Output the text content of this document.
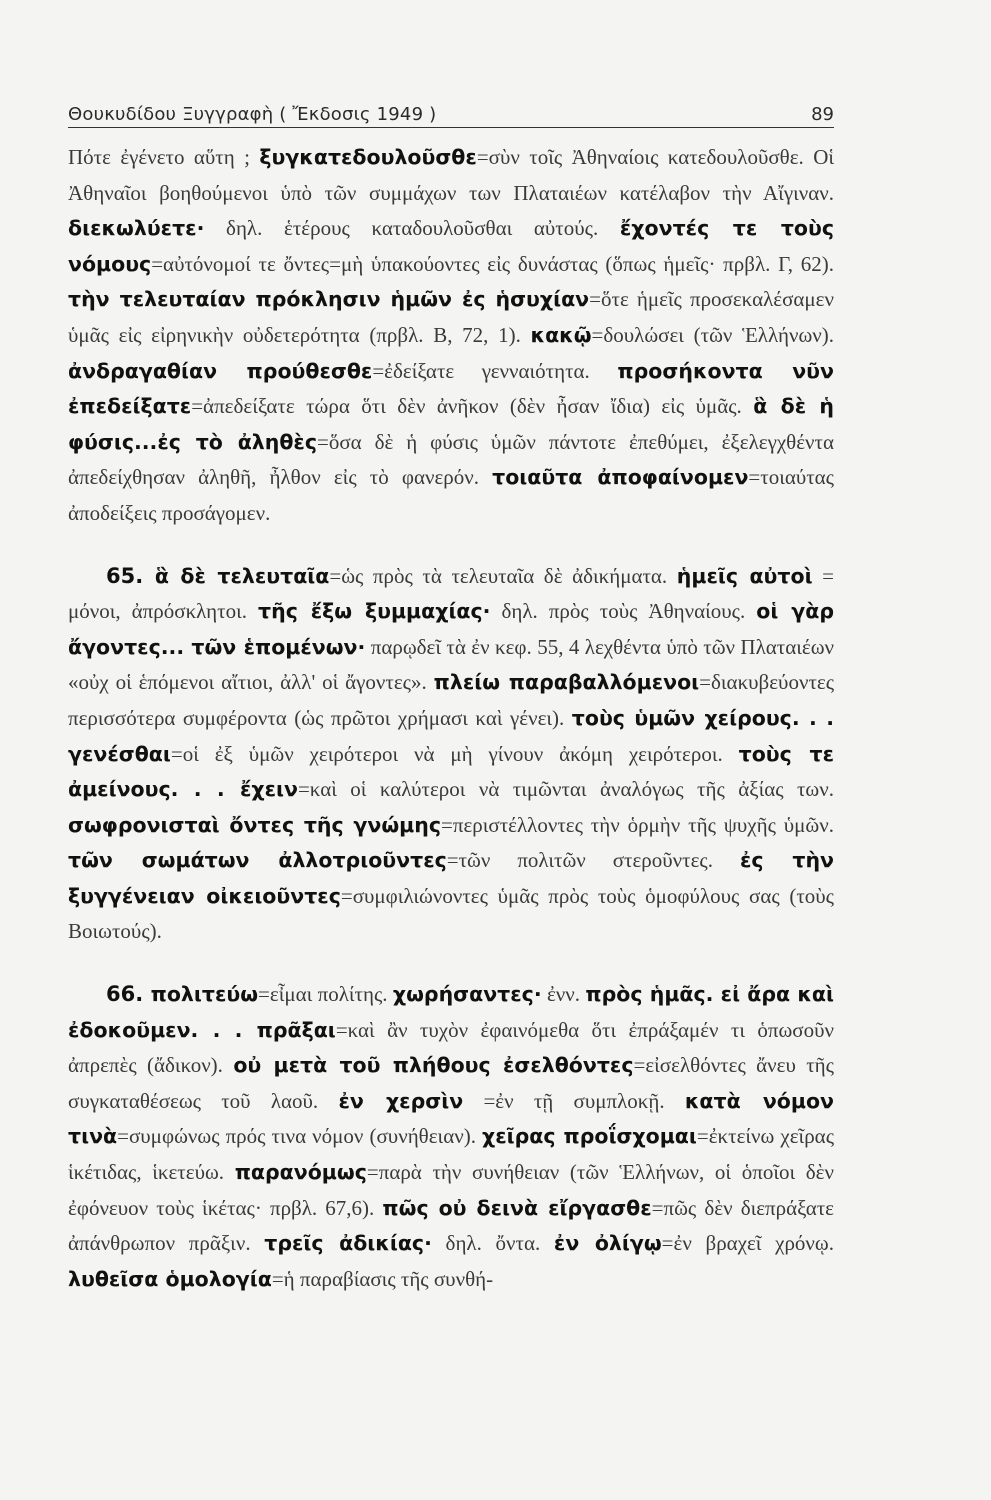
Θουκυδίδου Ξυγγραφὴ ( Ἔκδοσις 1949 )	89

Πότε ἐγένετο αὕτη ; ξυγκατεδουλοῦσθε=σὺν τοῖς Ἀθηναίοις κατεδουλοῦσθε. Οἱ Ἀθηναῖοι βοηθούμενοι ὑπὸ τῶν συμμάχων των Πλαταιέων κατέλαβον τὴν Αἴγιναν. διεκωλύετε· δηλ. ἑτέρους καταδουλοῦσθαι αὐτούς. ἔχοντές τε τοὺς νόμους=αὐτόνομοί τε ὄντες=μὴ ὑπακούοντες εἰς δυνάστας (ὅπως ἡμεῖς· πρβλ. Γ, 62). τὴν τελευταίαν πρόκλησιν ἡμῶν ἐς ἡσυχίαν=ὅτε ἡμεῖς προσεκαλέσαμεν ὑμᾶς εἰς εἰρηνικὴν οὐδετερότητα (πρβλ. Β, 72, 1). κακῷ=δουλώσει (τῶν Ἑλλήνων). ἀνδραγαθίαν προύθεσθε=ἐδείξατε γενναιότητα. προσήκοντα νῦν ἐπεδείξατε=ἀπεδείξατε τώρα ὅτι δὲν ἀνῆκον (δὲν ἦσαν ἴδια) εἰς ὑμᾶς. ἃ δὲ ἡ φύσις...ἐς τὸ ἀληθὲς=ὅσα δὲ ἡ φύσις ὑμῶν πάντοτε ἐπεθύμει, ἐξελεγχθέντα ἀπεδείχθησαν ἀληθῆ, ἦλθον εἰς τὸ φανερόν. τοιαῦτα ἀποφαίνομεν=τοιαύτας ἀποδείξεις προσάγομεν.

65. ἃ δὲ τελευταῖα=ὡς πρὸς τὰ τελευταῖα δὲ ἀδικήματα. ἡμεῖς αὐτοὶ = μόνοι, ἀπρόσκλητοι. τῆς ἔξω ξυμμαχίας· δηλ. πρὸς τοὺς Ἀθηναίους. οἱ γὰρ ἄγοντες... τῶν ἑπομένων· παρῳδεῖ τὰ ἐν κεφ. 55, 4 λεχθέντα ὑπὸ τῶν Πλαταιέων «οὐχ οἱ ἑπόμενοι αἴτιοι, ἀλλ' οἱ ἄγοντες». πλείω παραβαλλόμενοι=διακυβεύοντες περισσότερα συμφέροντα (ὡς πρῶτοι χρήμασι καὶ γένει). τοὺς ὑμῶν χείρους. . . γενέσθαι=οἱ ἐξ ὑμῶν χειρότεροι νὰ μὴ γίνουν ἀκόμη χειρότεροι. τοὺς τε ἀμείνους. . . ἔχειν=καὶ οἱ καλύτεροι νὰ τιμῶνται ἀναλόγως τῆς ἀξίας των. σωφρονισταὶ ὄντες τῆς γνώμης=περιστέλλοντες τὴν ὁρμὴν τῆς ψυχῆς ὑμῶν. τῶν σωμάτων ἀλλοτριοῦντες=τῶν πολιτῶν στεροῦντες. ἐς τὴν ξυγγένειαν οἰκειοῦντες=συμφιλιώνοντες ὑμᾶς πρὸς τοὺς ὁμοφύλους σας (τοὺς Βοιωτούς).

66. πολιτεύω=εἶμαι πολίτης. χωρήσαντες· ἐνν. πρὸς ἡμᾶς. εἰ ἄρα καὶ ἐδοκοῦμεν. . . πρᾶξαι=καὶ ἂν τυχὸν ἐφαινόμεθα ὅτι ἐπράξαμέν τι ὁπωσοῦν ἀπρεπὲς (ἄδικον). οὐ μετὰ τοῦ πλήθους ἐσελθόντες=εἰσελθόντες ἄνευ τῆς συγκαταθέσεως τοῦ λαοῦ. ἐν χερσὶν =ἐν τῇ συμπλοκῇ. κατὰ νόμον τινὰ=συμφώνως πρός τινα νόμον (συνήθειαν). χεῖρας προΐσχομαι=ἐκτείνω χεῖρας ἱκέτιδας, ἱκετεύω. παρανόμως=παρὰ τὴν συνήθειαν (τῶν Ἑλλήνων, οἱ ὁποῖοι δὲν ἐφόνευον τοὺς ἱκέτας· πρβλ. 67,6). πῶς οὐ δεινὰ εἴργασθε=πῶς δὲν διεπράξατε ἀπάνθρωπον πρᾶξιν. τρεῖς ἀδικίας· δηλ. ὄντα. ἐν ὀλίγῳ=ἐν βραχεῖ χρόνῳ. λυθεῖσα ὁμολογία=ἡ παραβίασις τῆς συνθή-
